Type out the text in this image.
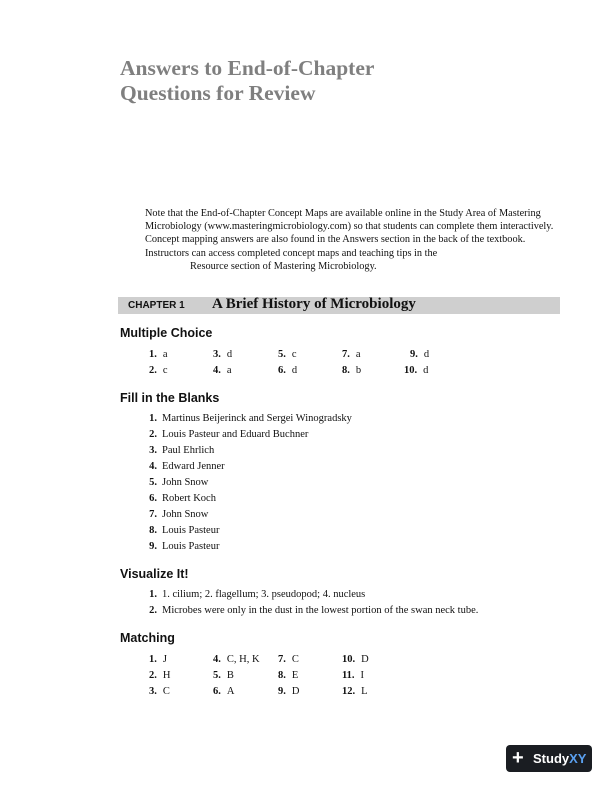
Answers to End-of-Chapter
Questions for Review

Note that the End-of-Chapter Concept Maps are available online in the Study Area of Mastering Microbiology (www.masteringmicrobiology.com) so that students can complete them interactively. Concept mapping answers are also found in the Answers section in the back of the textbook. Instructors can access completed concept maps and teaching tips in the
Resource section of Mastering Microbiology.

CHAPTER 1 A Brief History of Microbiology
Multiple Choice
1. a	3. d	5. c	7. a	9. d
2. c	4. a	6. d	8. b	10. d
Fill in the Blanks
1. Martinus Beijerinck and Sergei Winogradsky
2. Louis Pasteur and Eduard Buchner
3. Paul Ehrlich
4. Edward Jenner
5. John Snow
6. Robert Koch
7. John Snow
8. Louis Pasteur
9. Louis Pasteur
Visualize It!
1. 1. cilium; 2. flagellum; 3. pseudopod; 4. nucleus
2. Microbes were only in the dust in the lowest portion of the swan neck tube.
Matching
1. J	4. C, H, K 7. C	10. D
2. H	5. B	8. E	11. I
3. C	6. A	9. D	12. L
+ StudyXY
